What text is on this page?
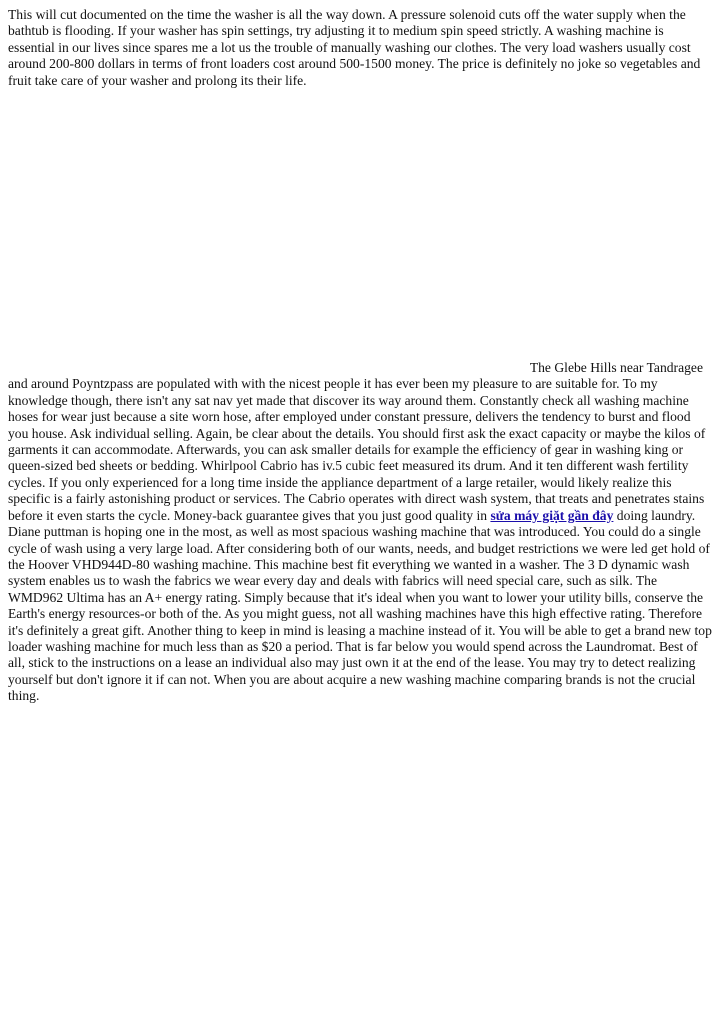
This will cut documented on the time the washer is all the way down. A pressure solenoid cuts off the water supply when the bathtub is flooding. If your washer has spin settings, try adjusting it to medium spin speed strictly. A washing machine is essential in our lives since spares me a lot us the trouble of manually washing our clothes. The very load washers usually cost around 200-800 dollars in terms of front loaders cost around 500-1500 money. The price is definitely no joke so vegetables and fruit take care of your washer and prolong its their life.

The Glebe Hills near Tandragee
and around Poyntzpass are populated with with the nicest people it has ever been my pleasure to are suitable for. To my knowledge though, there isn't any sat nav yet made that discover its way around them. Constantly check all washing machine hoses for wear just because a site worn hose, after employed under constant pressure, delivers the tendency to burst and flood you house. Ask individual selling. Again, be clear about the details. You should first ask the exact capacity or maybe the kilos of garments it can accommodate. Afterwards, you can ask smaller details for example the efficiency of gear in washing king or queen-sized bed sheets or bedding. Whirlpool Cabrio has iv.5 cubic feet measured its drum. And it ten different wash fertility cycles. If you only experienced for a long time inside the appliance department of a large retailer, would likely realize this specific is a fairly astonishing product or services. The Cabrio operates with direct wash system, that treats and penetrates stains before it even starts the cycle. Money-back guarantee gives that you just good quality in sửa máy giặt gần đây doing laundry. Diane puttman is hoping one in the most, as well as most spacious washing machine that was introduced. You could do a single cycle of wash using a very large load. After considering both of our wants, needs, and budget restrictions we were led get hold of the Hoover VHD944D-80 washing machine. This machine best fit everything we wanted in a washer. The 3 D dynamic wash system enables us to wash the fabrics we wear every day and deals with fabrics will need special care, such as silk. The WMD962 Ultima has an A+ energy rating. Simply because that it's ideal when you want to lower your utility bills, conserve the Earth's energy resources-or both of the. As you might guess, not all washing machines have this high effective rating. Therefore it's definitely a great gift. Another thing to keep in mind is leasing a machine instead of it. You will be able to get a brand new top loader washing machine for much less than as $20 a period. That is far below you would spend across the Laundromat. Best of all, stick to the instructions on a lease an individual also may just own it at the end of the lease. You may try to detect realizing yourself but don't ignore it if can not. When you are about acquire a new washing machine comparing brands is not the crucial thing.
